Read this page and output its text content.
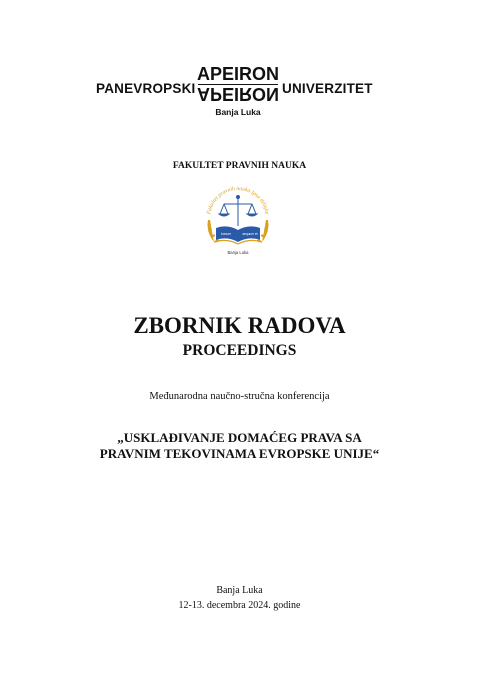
PANEVROPSKI
APEIRON
APEIRON UNIVERZITET
Banja Luka
FAKULTET PRAVNIH NAUKA
Fakultet pravnih nauka Ipsa diligite
bonum	aequum et
Banja Luka
ZBORNIK RADOVA
PROCEEDINGS
Međunarodna naučno-stručna konferencija
„USKLAĐIVANJE DOMAĆEG PRAVA SA
PRAVNIM TEKOVINAMA EVROPSKE UNIJE“
Banja Luka
12-13. decembra 2024. godine
